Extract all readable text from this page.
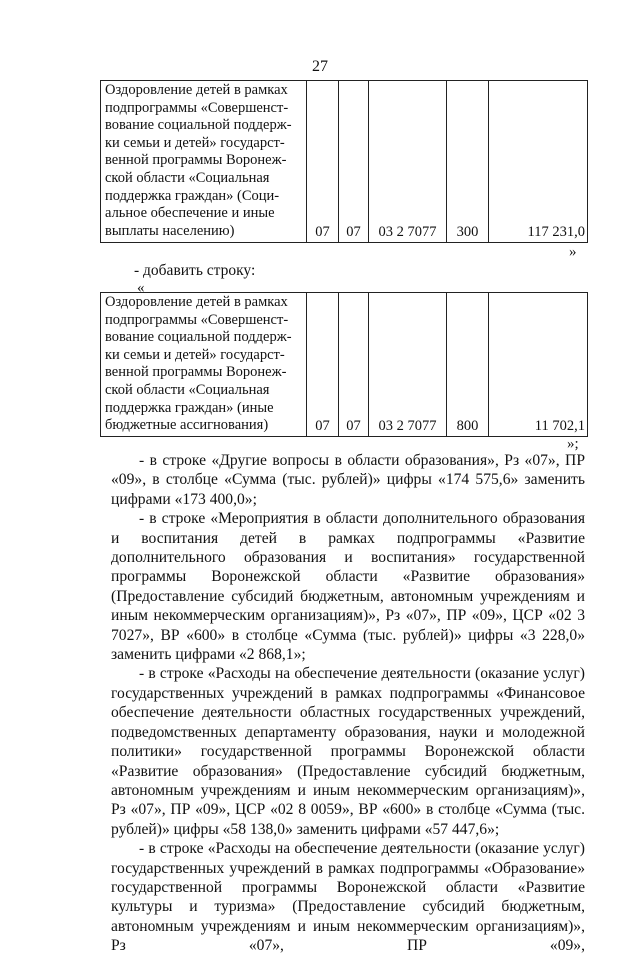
27
Оздоровление детей в рамках подпрограммы «Совершенст-вование социальной поддерж-ки семьи и детей» государст-венной программы Воронеж-ской области «Социальная поддержка граждан» (Соци-альное обеспечение и иные выплаты населению)	07	07	03 2 7077	300	117 231,0
»
- добавить строку:
«
Оздоровление детей в рамках подпрограммы «Совершенст-вование социальной поддерж-ки семьи и детей» государст-венной программы Воронеж-ской области «Социальная поддержка граждан» (иные бюджетные ассигнования)	07	07	03 2 7077	800	11 702,1
»;

- в строке «Другие вопросы в области образования», Рз «07», ПР «09», в столбце «Сумма (тыс. рублей)» цифры «174 575,6» заменить цифрами «173 400,0»;

- в строке «Мероприятия в области дополнительного образования и воспитания детей в рамках подпрограммы «Развитие дополнительного образования и воспитания» государственной программы Воронежской области «Развитие образования» (Предоставление субсидий бюджетным, автономным учреждениям и иным некоммерческим организациям)», Рз «07», ПР «09», ЦСР «02 3 7027», ВР «600» в столбце «Сумма (тыс. рублей)» цифры «3 228,0» заменить цифрами «2 868,1»;

- в строке «Расходы на обеспечение деятельности (оказание услуг) государственных учреждений в рамках подпрограммы «Финансовое обеспечение деятельности областных государственных учреждений, подведомственных департаменту образования, науки и молодежной политики» государственной программы Воронежской области «Развитие образования» (Предоставление субсидий бюджетным, автономным учреждениям и иным некоммерческим организациям)», Рз «07», ПР «09», ЦСР «02 8 0059», ВР «600» в столбце «Сумма (тыс. рублей)» цифры «58 138,0» заменить цифрами «57 447,6»;

- в строке «Расходы на обеспечение деятельности (оказание услуг) государственных учреждений в рамках подпрограммы «Образование» государственной программы Воронежской области «Развитие культуры и туризма» (Предоставление субсидий бюджетным, автономным учреждениям и иным некоммерческим организациям)», Рз «07», ПР «09»,
